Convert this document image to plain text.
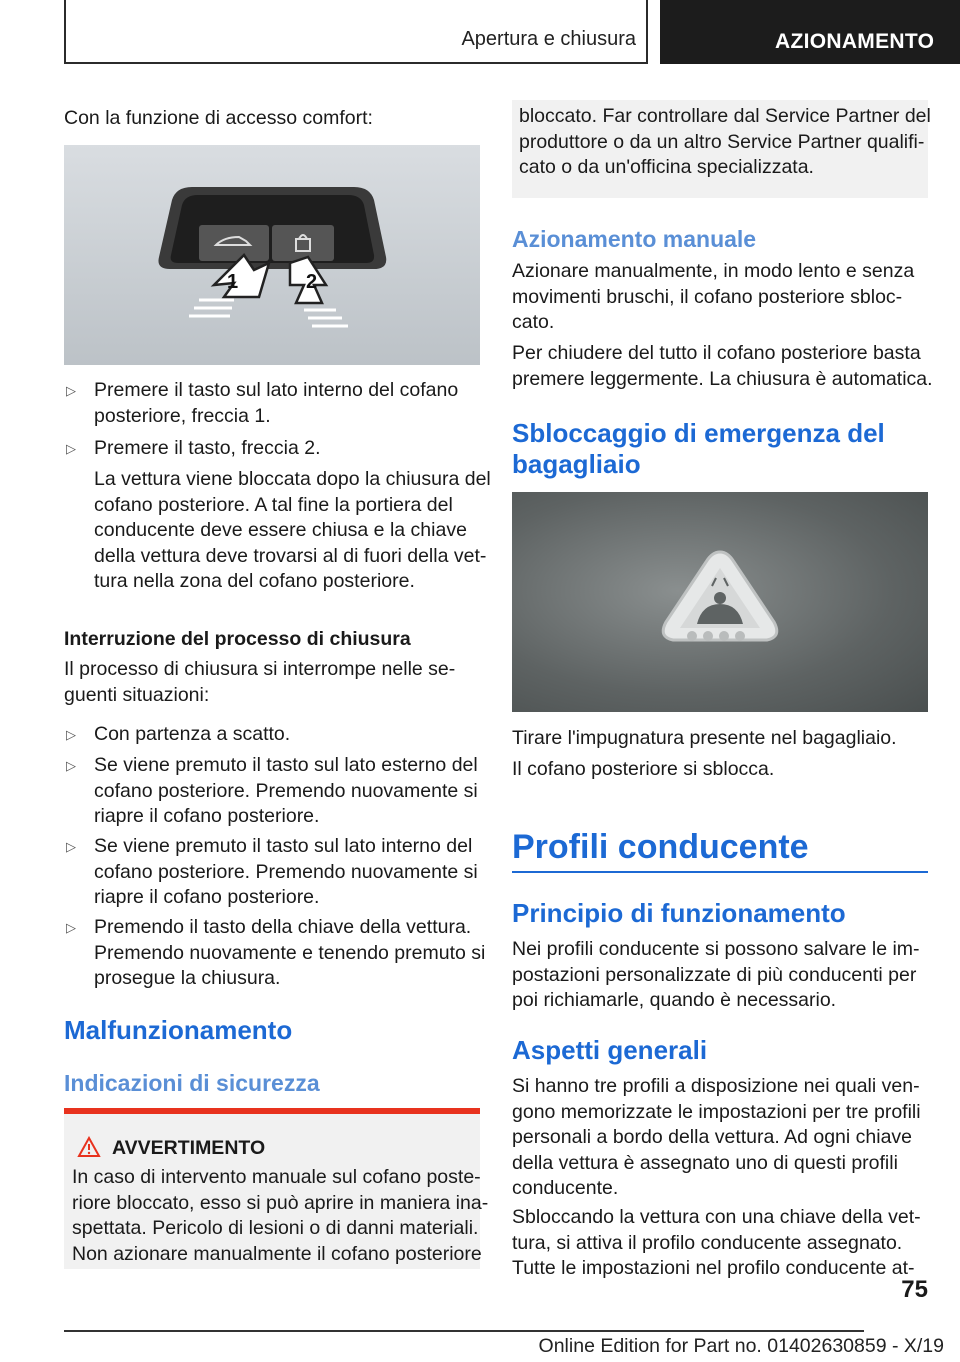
Apertura e chiusura	AZIONAMENTO
Con la funzione di accesso comfort:
1	2
▷ Premere il tasto sul lato interno del cofano
posteriore, freccia 1.
▷ Premere il tasto, freccia 2.
La vettura viene bloccata dopo la chiusura del
cofano posteriore. A tal fine la portiera del
conducente deve essere chiusa e la chiave
della vettura deve trovarsi al di fuori della vet-
tura nella zona del cofano posteriore.
Interruzione del processo di chiusura
Il processo di chiusura si interrompe nelle se-
guenti situazioni:
▷ Con partenza a scatto.
▷ Se viene premuto il tasto sul lato esterno del
cofano posteriore. Premendo nuovamente si
riapre il cofano posteriore.
▷ Se viene premuto il tasto sul lato interno del
cofano posteriore. Premendo nuovamente si
riapre il cofano posteriore.
▷ Premendo il tasto della chiave della vettura.
Premendo nuovamente e tenendo premuto si
prosegue la chiusura.
Malfunzionamento
Indicazioni di sicurezza
AVVERTIMENTO
In caso di intervento manuale sul cofano poste-
riore bloccato, esso si può aprire in maniera ina-
spettata. Pericolo di lesioni o di danni materiali.
Non azionare manualmente il cofano posteriore
bloccato. Far controllare dal Service Partner del
produttore o da un altro Service Partner qualifi-
cato o da un'officina specializzata.
Azionamento manuale
Azionare manualmente, in modo lento e senza
movimenti bruschi, il cofano posteriore sbloc-
cato.
Per chiudere del tutto il cofano posteriore basta
premere leggermente. La chiusura è automatica.
Sbloccaggio di emergenza del
bagagliaio
Tirare l'impugnatura presente nel bagagliaio.
Il cofano posteriore si sblocca.
Profili conducente
Principio di funzionamento
Nei profili conducente si possono salvare le im-
postazioni personalizzate di più conducenti per
poi richiamarle, quando è necessario.
Aspetti generali
Si hanno tre profili a disposizione nei quali ven-
gono memorizzate le impostazioni per tre profili
personali a bordo della vettura. Ad ogni chiave
della vettura è assegnato uno di questi profili
conducente.
Sbloccando la vettura con una chiave della vet-
tura, si attiva il profilo conducente assegnato.
Tutte le impostazioni nel profilo conducente at-
75
Online Edition for Part no. 01402630859 - X/19
